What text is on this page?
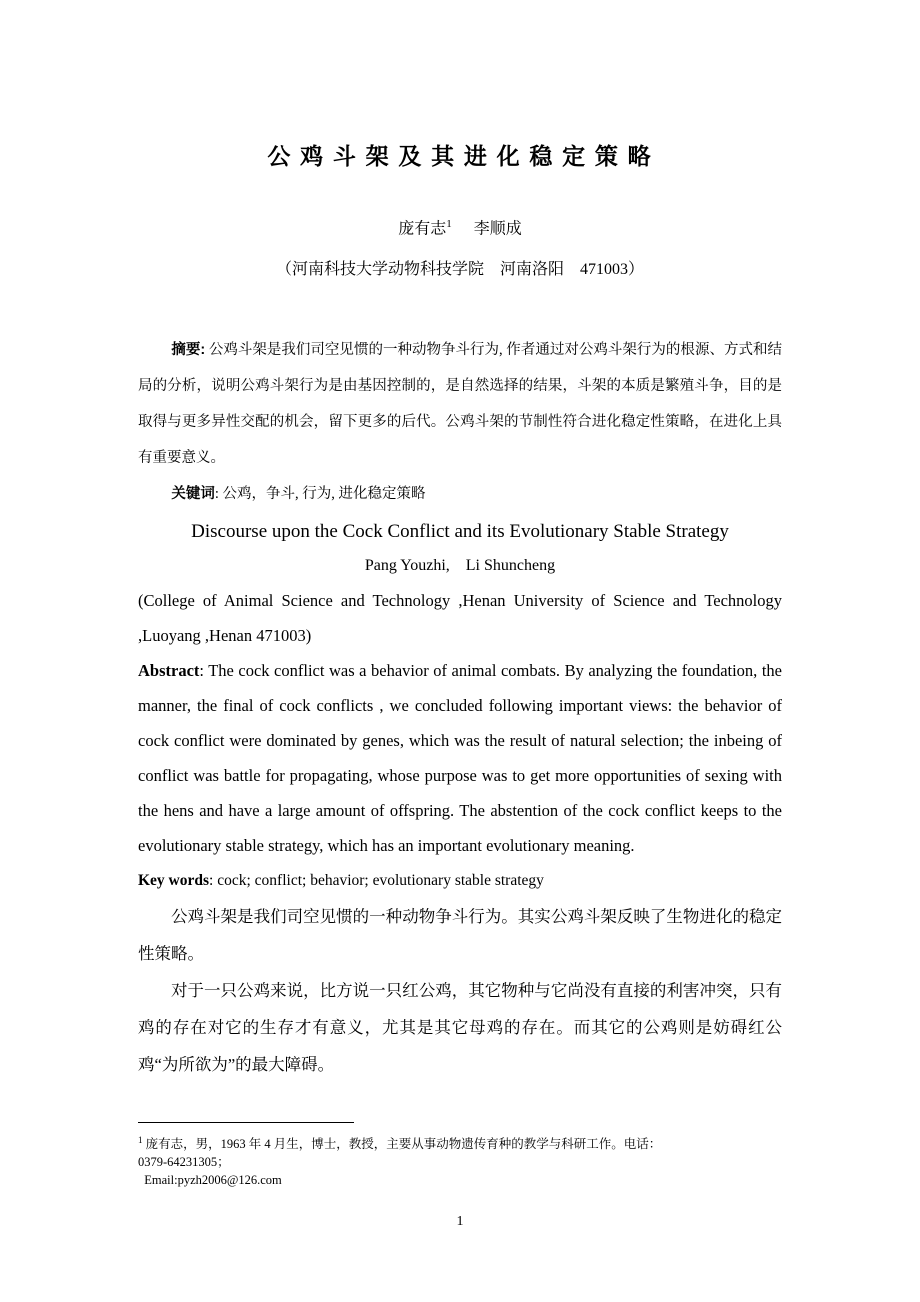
公 鸡 斗 架 及 其 进 化 稳 定 策 略
庞有志$^1$ 李顺成
（河南科技大学动物科技学院　河南洛阳　471003）

摘要: 公鸡斗架是我们司空见惯的一种动物争斗行为, 作者通过对公鸡斗架行为的根源、方式和结局的分析，说明公鸡斗架行为是由基因控制的，是自然选择的结果，斗架的本质是繁殖斗争，目的是取得与更多异性交配的机会，留下更多的后代。公鸡斗架的节制性符合进化稳定性策略，在进化上具有重要意义。

关键词: 公鸡，争斗, 行为, 进化稳定策略

Discourse upon the Cock Conflict and its Evolutionary Stable Strategy
Pang Youzhi,    Li Shuncheng

(College of Animal Science and Technology ,Henan University of Science and Technology ,Luoyang ,Henan 471003)

Abstract: The cock conflict was a behavior of animal combats. By analyzing the foundation, the manner, the final of cock conflicts , we concluded following important views: the behavior of cock conflict were dominated by genes, which was the result of natural selection; the inbeing of conflict was battle for propagating, whose purpose was to get more opportunities of sexing with the hens and have a large amount of offspring. The abstention of the cock conflict keeps to the evolutionary stable strategy, which has an important evolutionary meaning.

Key words: cock; conflict; behavior; evolutionary stable strategy

公鸡斗架是我们司空见惯的一种动物争斗行为。其实公鸡斗架反映了生物进化的稳定性策略。

对于一只公鸡来说，比方说一只红公鸡，其它物种与它尚没有直接的利害冲突，只有鸡的存在对它的生存才有意义，尤其是其它母鸡的存在。而其它的公鸡则是妨碍红公鸡“为所欲为”的最大障碍。

$^1$ 庞有志，男，1963 年 4 月生，博士，教授，主要从事动物遗传育种的教学与科研工作。电话：

0379-64231305；

Email:pyzh2006@126.com

1
